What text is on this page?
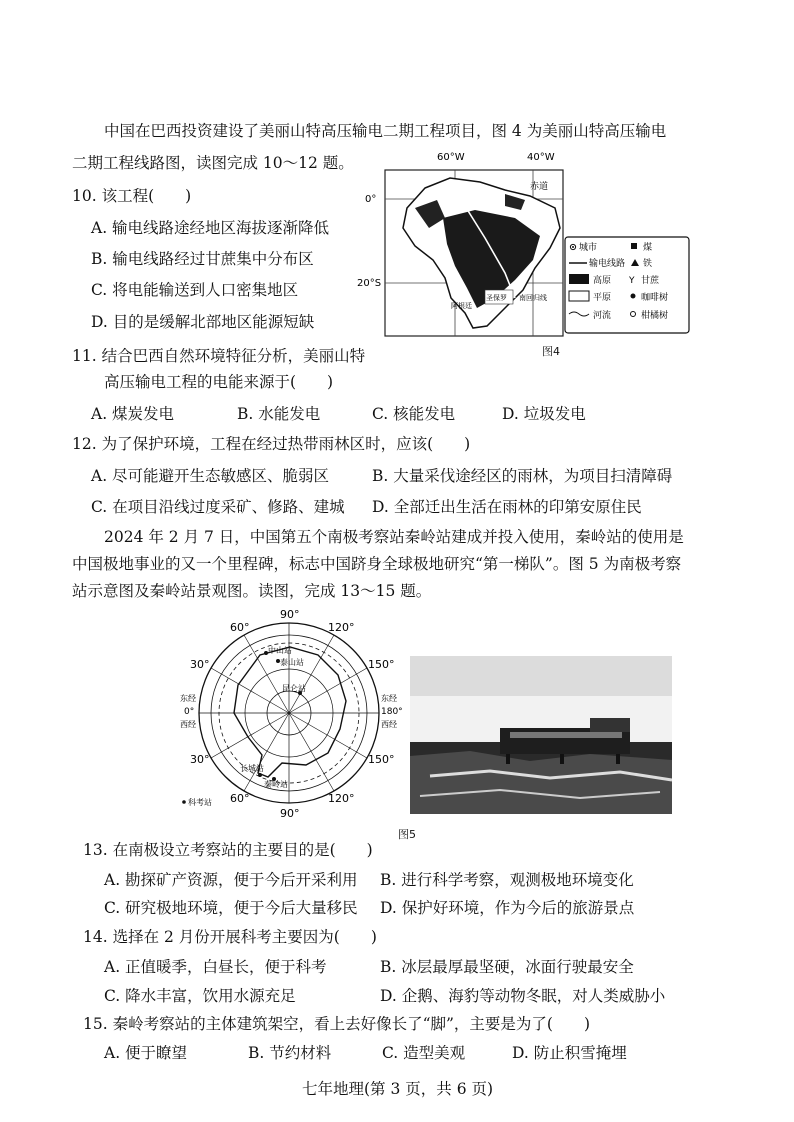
中国在巴西投资建设了美丽山特高压输电二期工程项目，图 4 为美丽山特高压输电
二期工程线路图，读图完成 10～12 题。
10. 该工程(　　)
A. 输电线路途经地区海拔逐渐降低
B. 输电线路经过甘蔗集中分布区
C. 将电能输送到人口密集地区
D. 目的是缓解北部地区能源短缺
60°W	40°W
0°
20°S
赤道
圣保罗
阿根廷
南回归线
城市	煤
输电线路 铁
高原 Y 甘蔗
平原	咖啡树
河流	柑橘树
图4
11. 结合巴西自然环境特征分析，美丽山特
高压输电工程的电能来源于(　　)
A. 煤炭发电	B. 水能发电	C. 核能发电	D. 垃圾发电
12. 为了保护环境，工程在经过热带雨林区时，应该(　　)
A. 尽可能避开生态敏感区、脆弱区	B. 大量采伐途经区的雨林，为项目扫清障碍
C. 在项目沿线过度采矿、修路、建城 D. 全部迁出生活在雨林的印第安原住民
2024 年 2 月 7 日，中国第五个南极考察站秦岭站建成并投入使用，秦岭站的使用是
中国极地事业的又一个里程碑，标志中国跻身全球极地研究“第一梯队”。图 5 为南极考察
站示意图及秦岭站景观图。读图，完成 13～15 题。
中山站
泰山站
昆仑站
长城站
秦岭站
90°
60°	120°
30°	150°
东经
0°
西经
180°
东经
西经
30°	150°
60°
90°
120°
科考站
图5
13. 在南极设立考察站的主要目的是(　　)
A. 勘探矿产资源，便于今后开采利用 B. 进行科学考察，观测极地环境变化
C. 研究极地环境，便于今后大量移民 D. 保护好环境，作为今后的旅游景点
14. 选择在 2 月份开展科考主要因为(　　)
A. 正值暖季，白昼长，便于科考	B. 冰层最厚最坚硬，冰面行驶最安全
C. 降水丰富，饮用水源充足	D. 企鹅、海豹等动物冬眠，对人类威胁小
15. 秦岭考察站的主体建筑架空，看上去好像长了“脚”，主要是为了(　　)
A. 便于瞭望	B. 节约材料	C. 造型美观	D. 防止积雪掩埋
七年地理(第 3 页，共 6 页)
